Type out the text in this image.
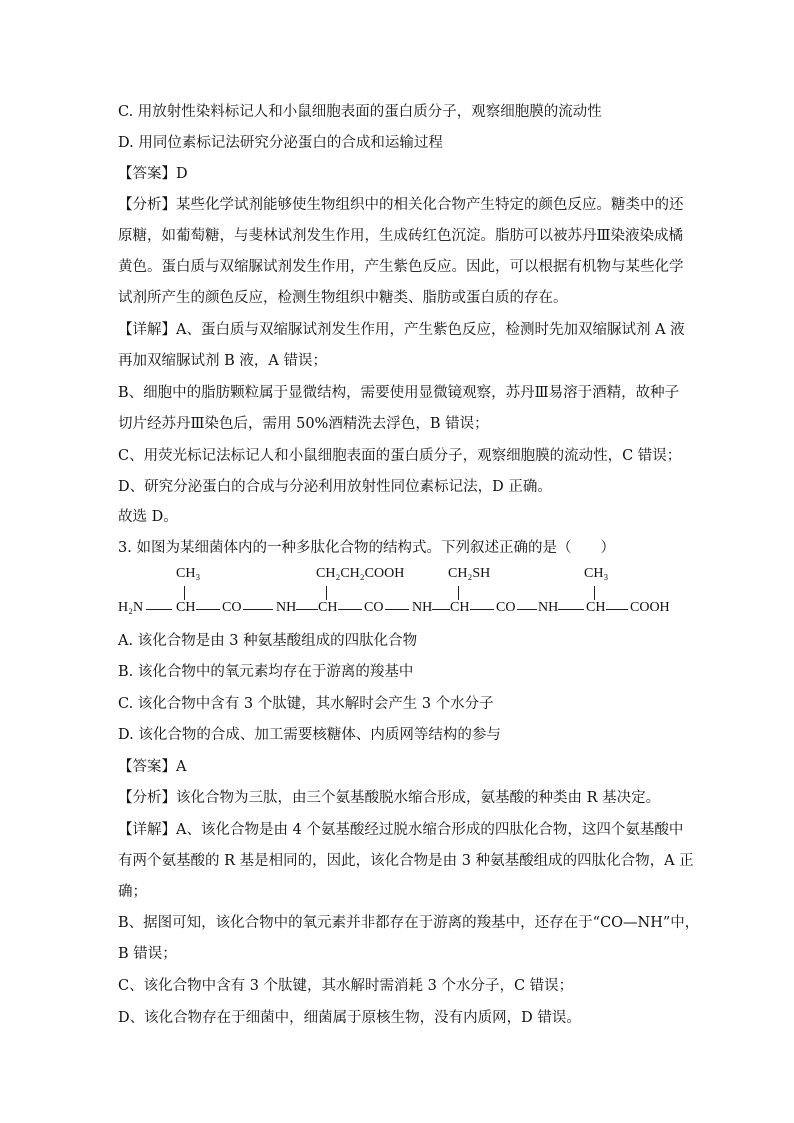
C. 用放射性染料标记人和小鼠细胞表面的蛋白质分子，观察细胞膜的流动性
D. 用同位素标记法研究分泌蛋白的合成和运输过程
【答案】D
【分析】某些化学试剂能够使生物组织中的相关化合物产生特定的颜色反应。糖类中的还
原糖，如葡萄糖，与斐林试剂发生作用，生成砖红色沉淀。脂肪可以被苏丹Ⅲ染液染成橘
黄色。蛋白质与双缩脲试剂发生作用，产生紫色反应。因此，可以根据有机物与某些化学
试剂所产生的颜色反应，检测生物组织中糖类、脂肪或蛋白质的存在。
【详解】A、蛋白质与双缩脲试剂发生作用，产生紫色反应，检测时先加双缩脲试剂 A 液
再加双缩脲试剂 B 液，A 错误；
B、细胞中的脂肪颗粒属于显微结构，需要使用显微镜观察，苏丹Ⅲ易溶于酒精，故种子
切片经苏丹Ⅲ染色后，需用 50%酒精洗去浮色，B 错误；
C、用荧光标记法标记人和小鼠细胞表面的蛋白质分子，观察细胞膜的流动性，C 错误；
D、研究分泌蛋白的合成与分泌利用放射性同位素标记法，D 正确。
故选 D。
3. 如图为某细菌体内的一种多肽化合物的结构式。下列叙述正确的是（　　）
A. 该化合物是由 3 种氨基酸组成的四肽化合物
B. 该化合物中的氧元素均存在于游离的羧基中
C. 该化合物中含有 3 个肽键，其水解时会产生 3 个水分子
D. 该化合物的合成、加工需要核糖体、内质网等结构的参与
【答案】A
【分析】该化合物为三肽，由三个氨基酸脱水缩合形成，氨基酸的种类由 R 基决定。
【详解】A、该化合物是由 4 个氨基酸经过脱水缩合形成的四肽化合物，这四个氨基酸中
有两个氨基酸的 R 基是相同的，因此，该化合物是由 3 种氨基酸组成的四肽化合物，A 正
确；
B、据图可知，该化合物中的氧元素并非都存在于游离的羧基中，还存在于“CO—NH”中，
B 错误；
C、该化合物中含有 3 个肽键，其水解时需消耗 3 个水分子，C 错误；
D、该化合物存在于细菌中，细菌属于原核生物，没有内质网，D 错误。
CH₃	CH₂CH₂COOH	CH₂SH	CH₃
H₂N CH CO NH CH CO NH CH CO NH CH COOH
